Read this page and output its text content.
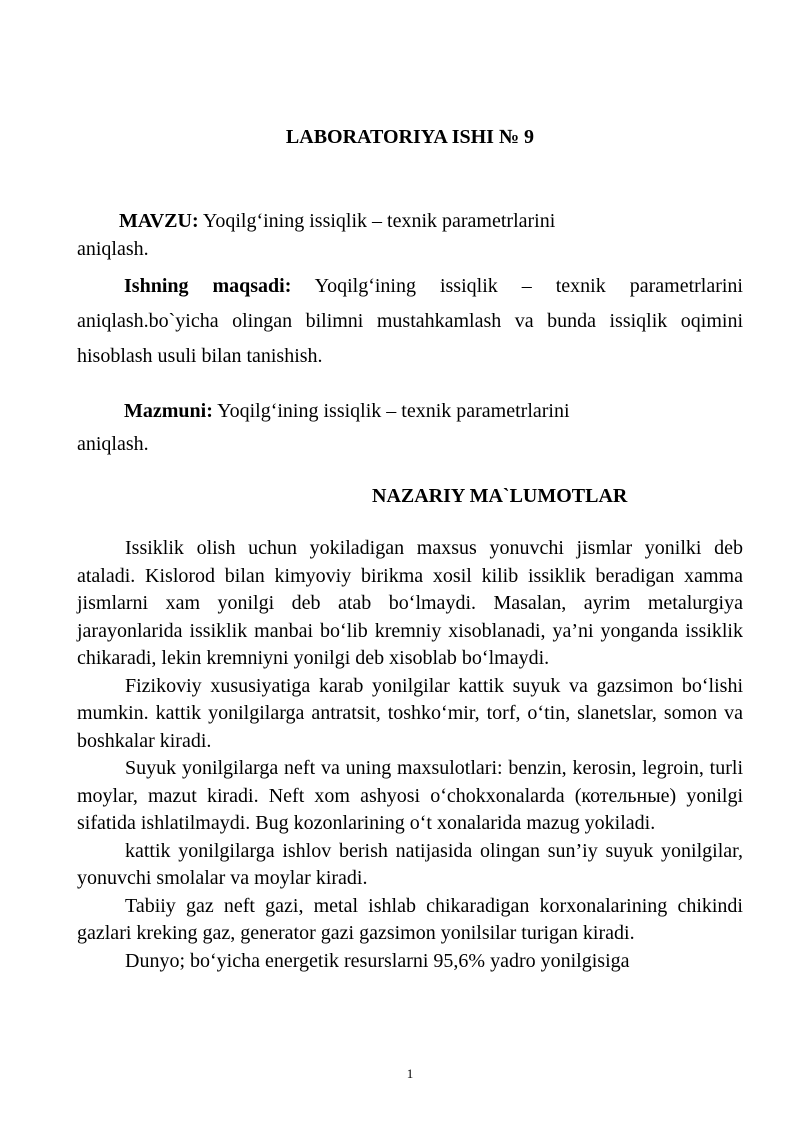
LABORATORIYA ISHI № 9
MAVZU: Yoqilg‘ining issiqlik – texnik parametrlarini
aniqlash.
Ishning maqsadi: Yoqilg‘ining issiqlik – texnik parametrlarini aniqlash.bo`yicha olingan bilimni mustahkamlash va bunda issiqlik oqimini hisoblash usuli bilan tanishish.
Mazmuni: Yoqilg‘ining issiqlik – texnik parametrlarini
aniqlash.
NAZARIY MA`LUMOTLAR

Issiklik olish uchun yokiladigan maxsus yonuvchi jismlar yonilki deb ataladi. Kislorod bilan kimyoviy birikma xosil kilib issiklik beradigan xamma jismlarni xam yonilgi deb atab bo‘lmaydi. Masalan, ayrim metalurgiya jarayonlarida issiklik manbai bo‘lib kremniy xisoblanadi, ya’ni yonganda issiklik chikaradi, lekin kremniyni yonilgi deb xisoblab bo‘lmaydi.

Fizikoviy xususiyatiga karab yonilgilar kattik suyuk va gazsimon bo‘lishi mumkin. kattik yonilgilarga antratsit, toshko‘mir, torf, o‘tin, slanetslar, somon va boshkalar kiradi.

Suyuk yonilgilarga neft va uning maxsulotlari: benzin, kerosin, legroin, turli moylar, mazut kiradi. Neft xom ashyosi o‘chokxonalarda (котельные) yonilgi sifatida ishlatilmaydi. Bug kozonlarining o‘t xonalarida mazug yokiladi.

kattik yonilgilarga ishlov berish natijasida olingan sun’iy suyuk yonilgilar, yonuvchi smolalar va moylar kiradi.

Tabiiy gaz neft gazi, metal ishlab chikaradigan korxonalarining chikindi gazlari kreking gaz, generator gazi gazsimon yonilsilar turigan kiradi.

Dunyo; bo‘yicha energetik resurslarni 95,6% yadro yonilgisiga

1
